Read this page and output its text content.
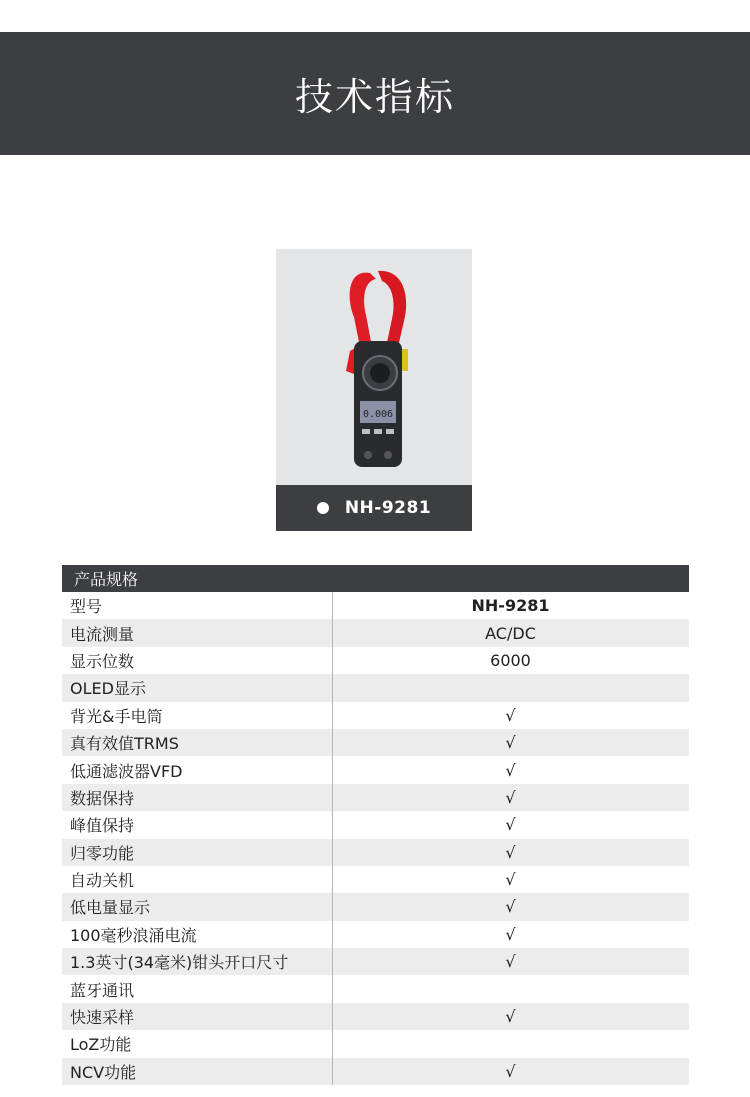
技术指标
0.006
NH-9281
产品规格
型号	NH-9281
电流测量	AC/DC
显示位数	6000
OLED显示
背光&手电筒	√
真有效值TRMS	√
低通滤波器VFD	√
数据保持	√
峰值保持	√
归零功能	√
自动关机	√
低电量显示	√
100毫秒浪涌电流	√
1.3英寸(34毫米)钳头开口尺寸	√
蓝牙通讯
快速采样	√
LoZ功能
NCV功能	√
